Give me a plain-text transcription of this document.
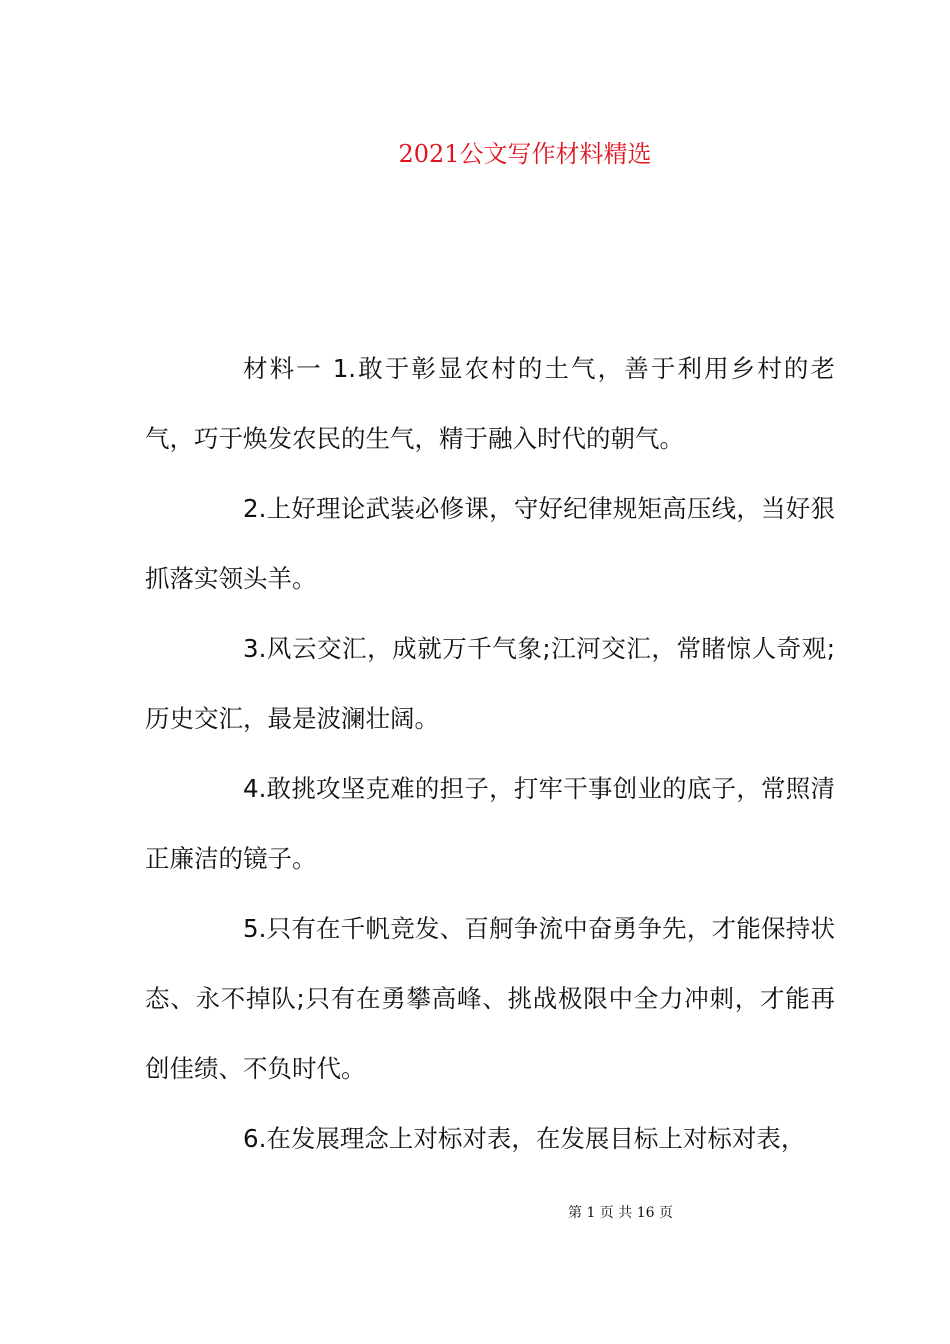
2021公文写作材料精选

材料一 1.敢于彰显农村的土气，善于利用乡村的老气，巧于焕发农民的生气，精于融入时代的朝气。

2.上好理论武装必修课，守好纪律规矩高压线，当好狠抓落实领头羊。

3.风云交汇，成就万千气象;江河交汇，常睹惊人奇观;历史交汇，最是波澜壮阔。

4.敢挑攻坚克难的担子，打牢干事创业的底子，常照清正廉洁的镜子。

5.只有在千帆竞发、百舸争流中奋勇争先，才能保持状态、永不掉队;只有在勇攀高峰、挑战极限中全力冲刺，才能再创佳绩、不负时代。

6.在发展理念上对标对表，在发展目标上对标对表，

第 1 页 共 16 页
